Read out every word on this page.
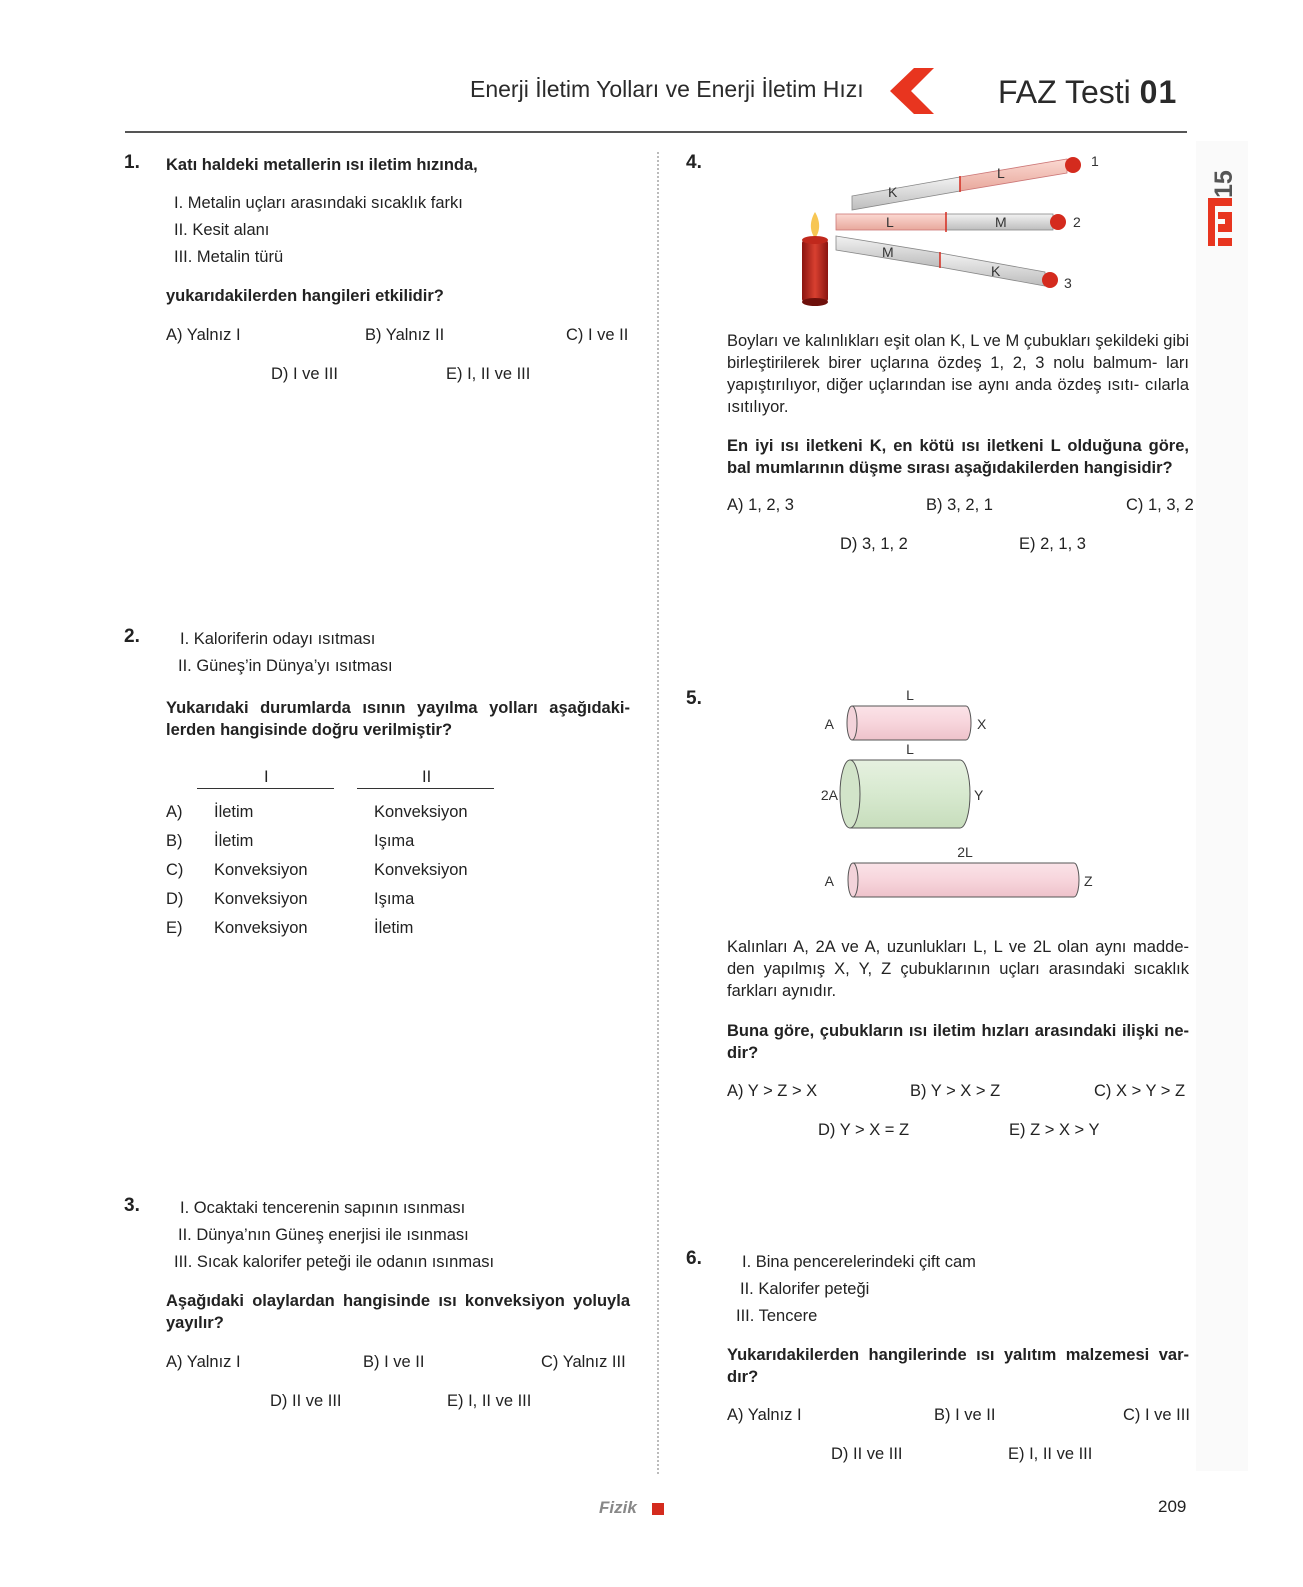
Enerji İletim Yolları ve Enerji İletim Hızı	FAZ Testi 01
15
1. Katı haldeki metallerin ısı iletim hızında,
I. Metalin uçları arasındaki sıcaklık farkı
II. Kesit alanı
III. Metalin türü
yukarıdakilerden hangileri etkilidir?
A) Yalnız I	B) Yalnız II	C) I ve II
D) I ve III	E) I, II ve III
2. I. Kaloriferin odayı ısıtması
II. Güneş’in Dünya’yı ısıtması
Yukarıdaki durumlarda ısının yayılma yolları aşağıdaki- lerden hangisinde doğru verilmiştir?
I	II
A) İletim	Konveksiyon
B) İletim	Işıma
C) Konveksiyon	Konveksiyon
D) Konveksiyon	Işıma
E) Konveksiyon	İletim
3. I. Ocaktaki tencerenin sapının ısınması
II. Dünya’nın Güneş enerjisi ile ısınması
III. Sıcak kalorifer peteği ile odanın ısınması
Aşağıdaki olaylardan hangisinde ısı konveksiyon yoluyla yayılır?
A) Yalnız I	B) I ve II	C) Yalnız III
D) II ve III	E) I, II ve III
4.
K
L
1
L	M	2
M
K
3
Boyları ve kalınlıkları eşit olan K, L ve M çubukları şekildeki gibi birleştirilerek birer uçlarına özdeş 1, 2, 3 nolu balmum- ları yapıştırılıyor, diğer uçlarından ise aynı anda özdeş ısıtı- cılarla ısıtılıyor.
En iyi ısı iletkeni K, en kötü ısı iletkeni L olduğuna göre, bal mumlarının düşme sırası aşağıdakilerden hangisidir?
A) 1, 2, 3	B) 3, 2, 1	C) 1, 3, 2
D) 3, 1, 2	E) 2, 1, 3
5.	L
A	X
L
2A	Y
2L
A	Z
Kalınları A, 2A ve A, uzunlukları L, L ve 2L olan aynı madde- den yapılmış X, Y, Z çubuklarının uçları arasındaki sıcaklık farkları aynıdır.
Buna göre, çubukların ısı iletim hızları arasındaki ilişki ne- dir?
A) Y > Z > X	B) Y > X > Z	C) X > Y > Z
D) Y > X = Z	E) Z > X > Y
6. I. Bina pencerelerindeki çift cam
II. Kalorifer peteği
III. Tencere
Yukarıdakilerden hangilerinde ısı yalıtım malzemesi var- dır?
A) Yalnız I	B) I ve II	C) I ve III
D) II ve III	E) I, II ve III
Fizik	209
